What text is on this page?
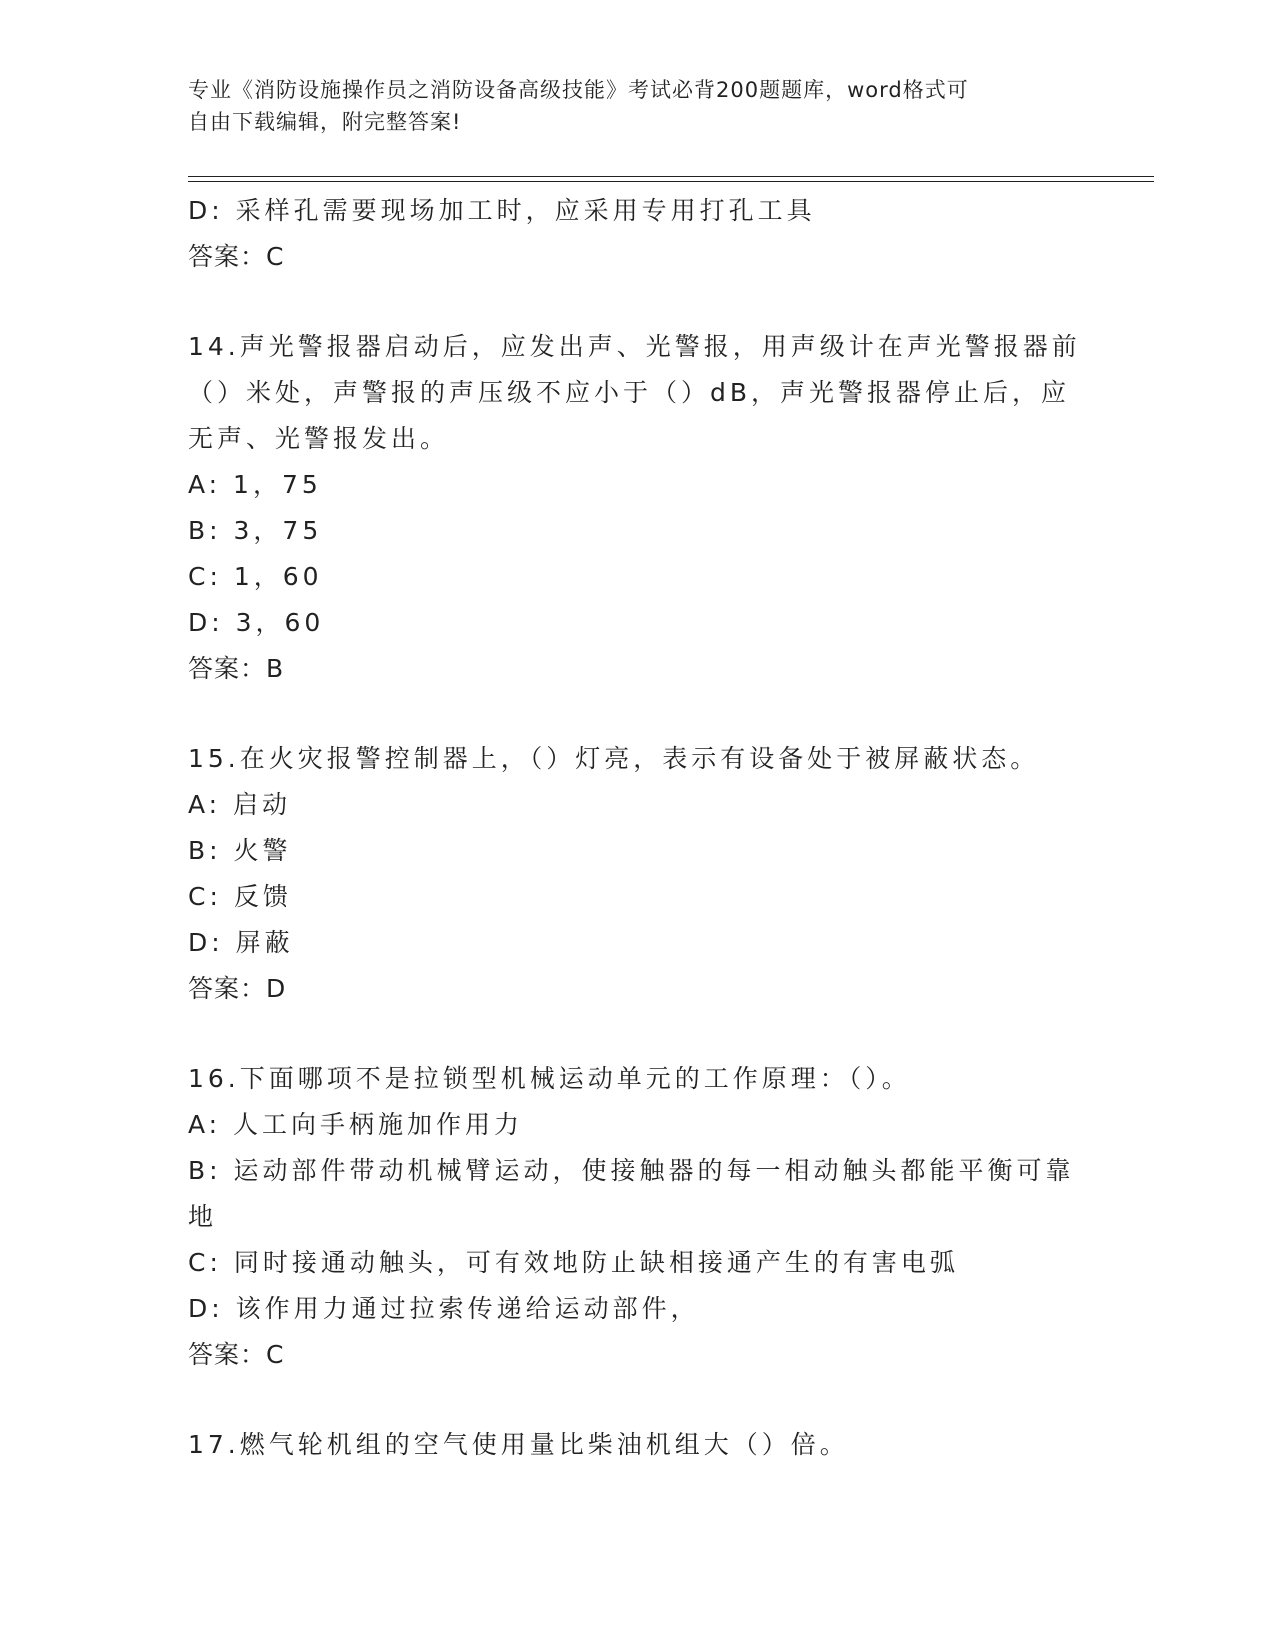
专业《消防设施操作员之消防设备高级技能》考试必背200题题库，word格式可
自由下载编辑，附完整答案!
D: 采样孔需要现场加工时，应采用专用打孔工具
答案：C
14.声光警报器启动后，应发出声、光警报，用声级计在声光警报器前
（）米处，声警报的声压级不应小于（）dB，声光警报器停止后，应
无声、光警报发出。
A: 1，75
B: 3，75
C: 1，60
D: 3，60
答案：B
15.在火灾报警控制器上，（）灯亮，表示有设备处于被屏蔽状态。
A: 启动
B: 火警
C: 反馈
D: 屏蔽
答案：D
16.下面哪项不是拉锁型机械运动单元的工作原理：（）。
A: 人工向手柄施加作用力
B: 运动部件带动机械臂运动，使接触器的每一相动触头都能平衡可靠
地
C: 同时接通动触头，可有效地防止缺相接通产生的有害电弧
D: 该作用力通过拉索传递给运动部件，
答案：C
17.燃气轮机组的空气使用量比柴油机组大（）倍。
